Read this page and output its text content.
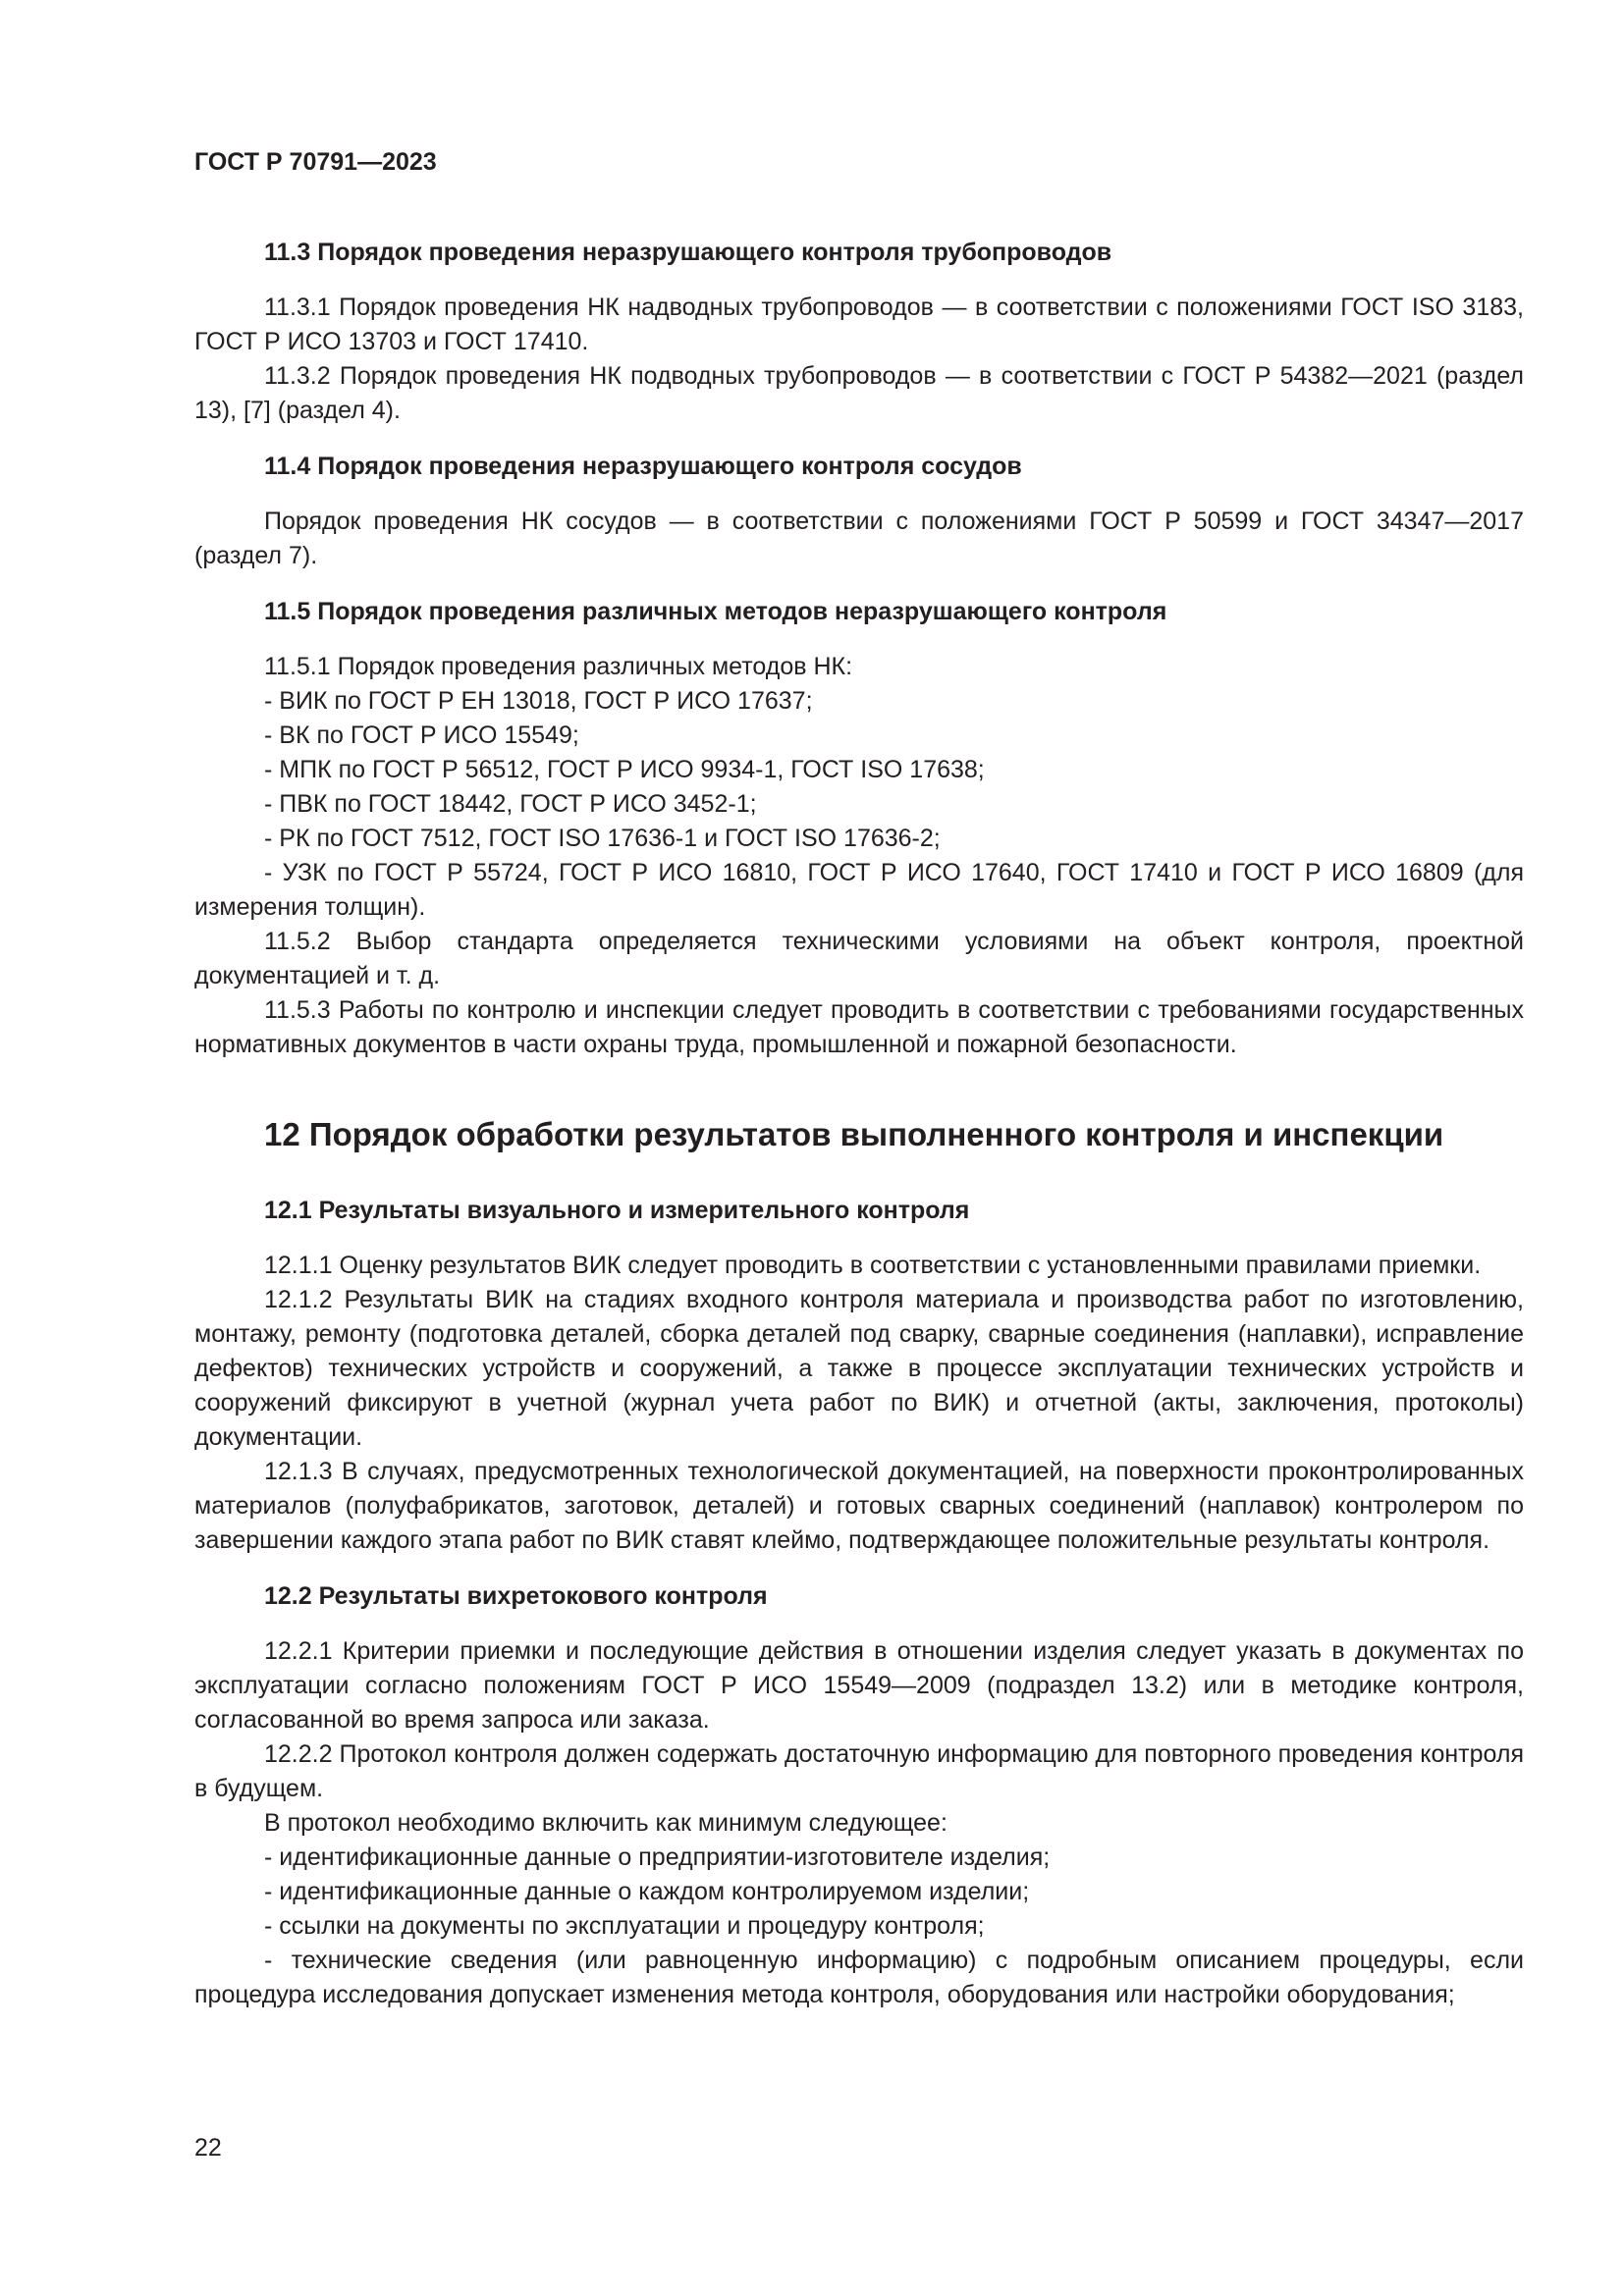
ГОСТ Р 70791—2023
11.3 Порядок проведения неразрушающего контроля трубопроводов

11.3.1 Порядок проведения НК надводных трубопроводов — в соответствии с положениями ГОСТ ISO 3183, ГОСТ Р ИСО 13703 и ГОСТ 17410.

11.3.2 Порядок проведения НК подводных трубопроводов — в соответствии с ГОСТ Р 54382—2021 (раздел 13), [7] (раздел 4).

11.4 Порядок проведения неразрушающего контроля сосудов

Порядок проведения НК сосудов — в соответствии с положениями ГОСТ Р 50599 и ГОСТ 34347—2017 (раздел 7).

11.5 Порядок проведения различных методов неразрушающего контроля

11.5.1 Порядок проведения различных методов НК:

- ВИК по ГОСТ Р ЕН 13018, ГОСТ Р ИСО 17637;

- ВК по ГОСТ Р ИСО 15549;

- МПК по ГОСТ Р 56512, ГОСТ Р ИСО 9934-1, ГОСТ ISO 17638;

- ПВК по ГОСТ 18442, ГОСТ Р ИСО 3452-1;

- РК по ГОСТ 7512, ГОСТ ISO 17636-1 и ГОСТ ISO 17636-2;

- УЗК по ГОСТ Р 55724, ГОСТ Р ИСО 16810, ГОСТ Р ИСО 17640, ГОСТ 17410 и ГОСТ Р ИСО 16809 (для измерения толщин).

11.5.2 Выбор стандарта определяется техническими условиями на объект контроля, проектной документацией и т. д.

11.5.3 Работы по контролю и инспекции следует проводить в соответствии с требованиями государственных нормативных документов в части охраны труда, промышленной и пожарной безопасности.

12 Порядок обработки результатов выполненного контроля и инспекции
12.1 Результаты визуального и измерительного контроля

12.1.1 Оценку результатов ВИК следует проводить в соответствии с установленными правилами приемки.

12.1.2 Результаты ВИК на стадиях входного контроля материала и производства работ по изготовлению, монтажу, ремонту (подготовка деталей, сборка деталей под сварку, сварные соединения (наплавки), исправление дефектов) технических устройств и сооружений, а также в процессе эксплуатации технических устройств и сооружений фиксируют в учетной (журнал учета работ по ВИК) и отчетной (акты, заключения, протоколы) документации.

12.1.3 В случаях, предусмотренных технологической документацией, на поверхности проконтролированных материалов (полуфабрикатов, заготовок, деталей) и готовых сварных соединений (наплавок) контролером по завершении каждого этапа работ по ВИК ставят клеймо, подтверждающее положительные результаты контроля.

12.2 Результаты вихретокового контроля

12.2.1 Критерии приемки и последующие действия в отношении изделия следует указать в документах по эксплуатации согласно положениям ГОСТ Р ИСО 15549—2009 (подраздел 13.2) или в методике контроля, согласованной во время запроса или заказа.

12.2.2 Протокол контроля должен содержать достаточную информацию для повторного проведения контроля в будущем.

В протокол необходимо включить как минимум следующее:

- идентификационные данные о предприятии-изготовителе изделия;

- идентификационные данные о каждом контролируемом изделии;

- ссылки на документы по эксплуатации и процедуру контроля;

- технические сведения (или равноценную информацию) с подробным описанием процедуры, если процедура исследования допускает изменения метода контроля, оборудования или настройки оборудования;

22
